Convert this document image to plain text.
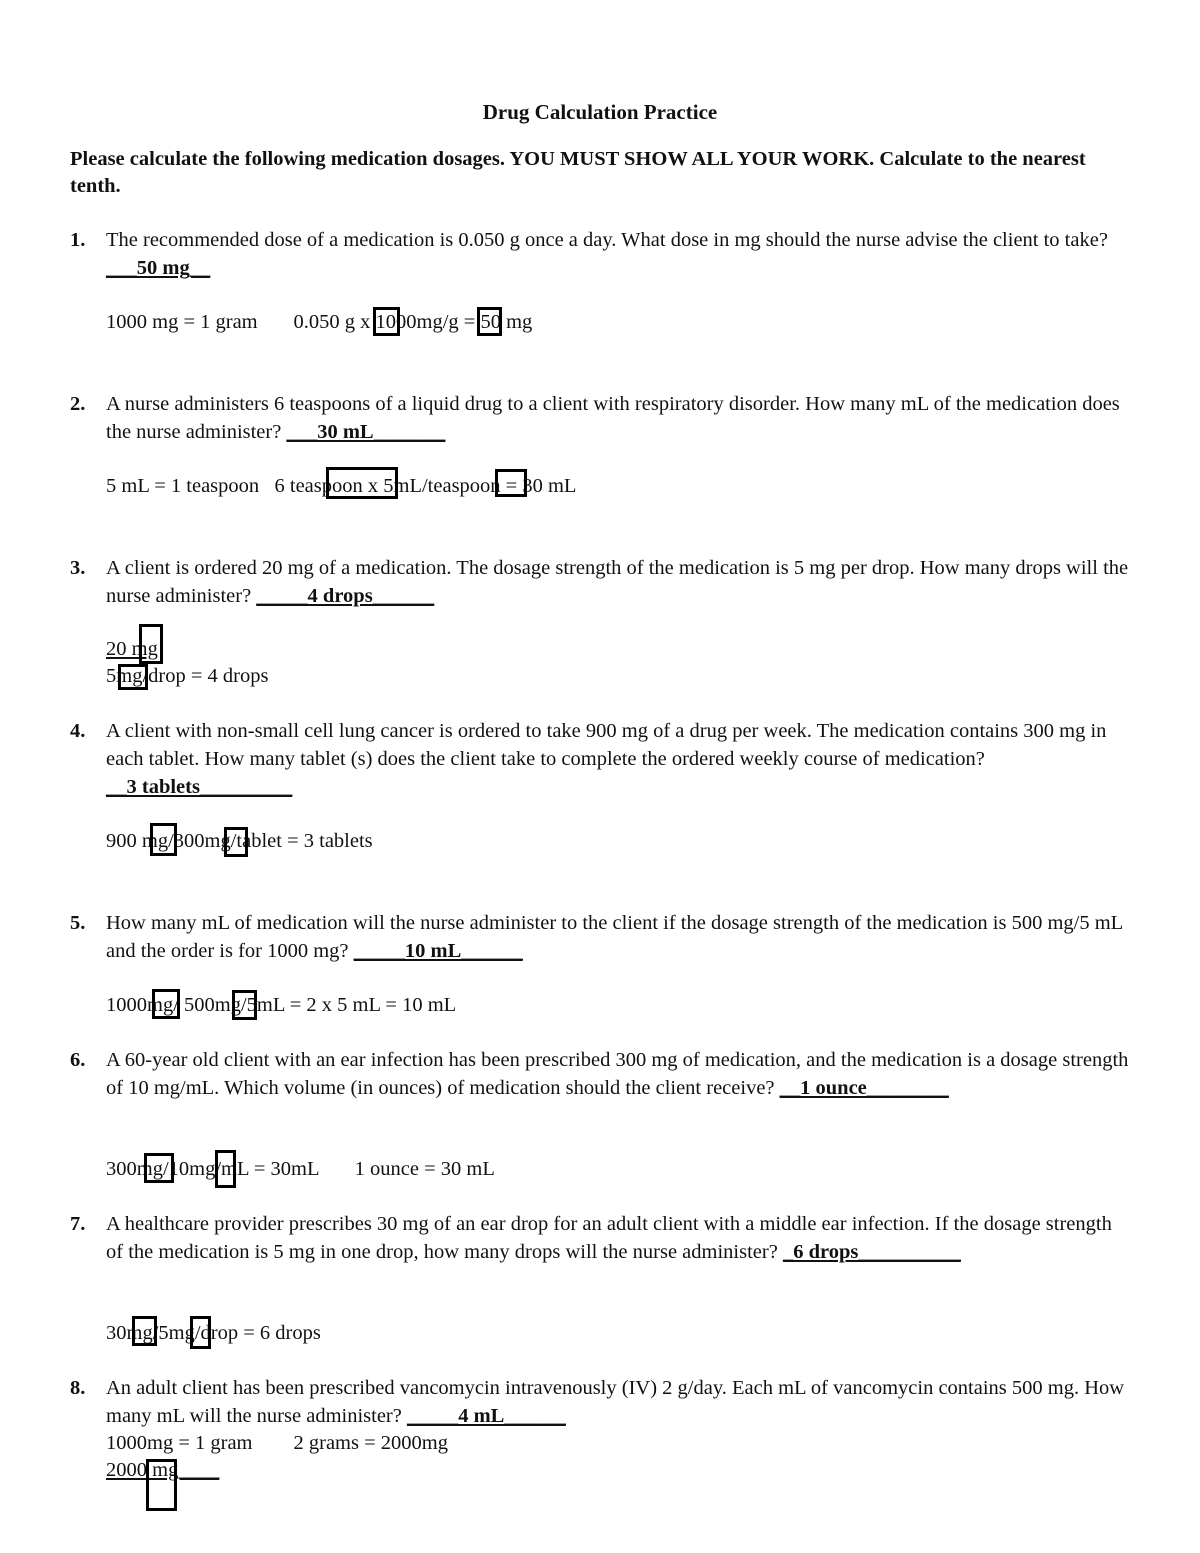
Drug Calculation Practice
Please calculate the following medication dosages. YOU MUST SHOW ALL YOUR WORK. Calculate to the nearest tenth.
1. The recommended dose of a medication is 0.050 g once a day. What dose in mg should the nurse advise the client to take? ___50 mg__
1000 mg = 1 gram       0.050 g x 1000mg/g = 50 mg
2. A nurse administers 6 teaspoons of a liquid drug to a client with respiratory disorder. How many mL of the medication does the nurse administer? ___30 mL_______
5 mL = 1 teaspoon   6 teaspoon x 5mL/teaspoon = 30 mL
3. A client is ordered 20 mg of a medication. The dosage strength of the medication is 5 mg per drop. How many drops will the nurse administer? _____4 drops______
20 mg
5mg/drop = 4 drops
4. A client with non-small cell lung cancer is ordered to take 900 mg of a drug per week. The medication contains 300 mg in each tablet. How many tablet (s) does the client take to complete the ordered weekly course of medication? __3 tablets_________
900 mg/300mg/tablet = 3 tablets
5. How many mL of medication will the nurse administer to the client if the dosage strength of the medication is 500 mg/5 mL and the order is for 1000 mg? _____10 mL______
1000mg/ 500mg/5mL = 2 x 5 mL = 10 mL
6. A 60-year old client with an ear infection has been prescribed 300 mg of medication, and the medication is a dosage strength of 10 mg/mL. Which volume (in ounces) of medication should the client receive? __1 ounce________
300mg/10mg/mL = 30mL       1 ounce = 30 mL
7. A healthcare provider prescribes 30 mg of an ear drop for an adult client with a middle ear infection. If the dosage strength of the medication is 5 mg in one drop, how many drops will the nurse administer? _6 drops__________
30mg/5mg/drop = 6 drops
8. An adult client has been prescribed vancomycin intravenously (IV) 2 g/day. Each mL of vancomycin contains 500 mg. How many mL will the nurse administer? _____4 mL______
1000mg = 1 gram        2 grams = 2000mg
2000 mg____
